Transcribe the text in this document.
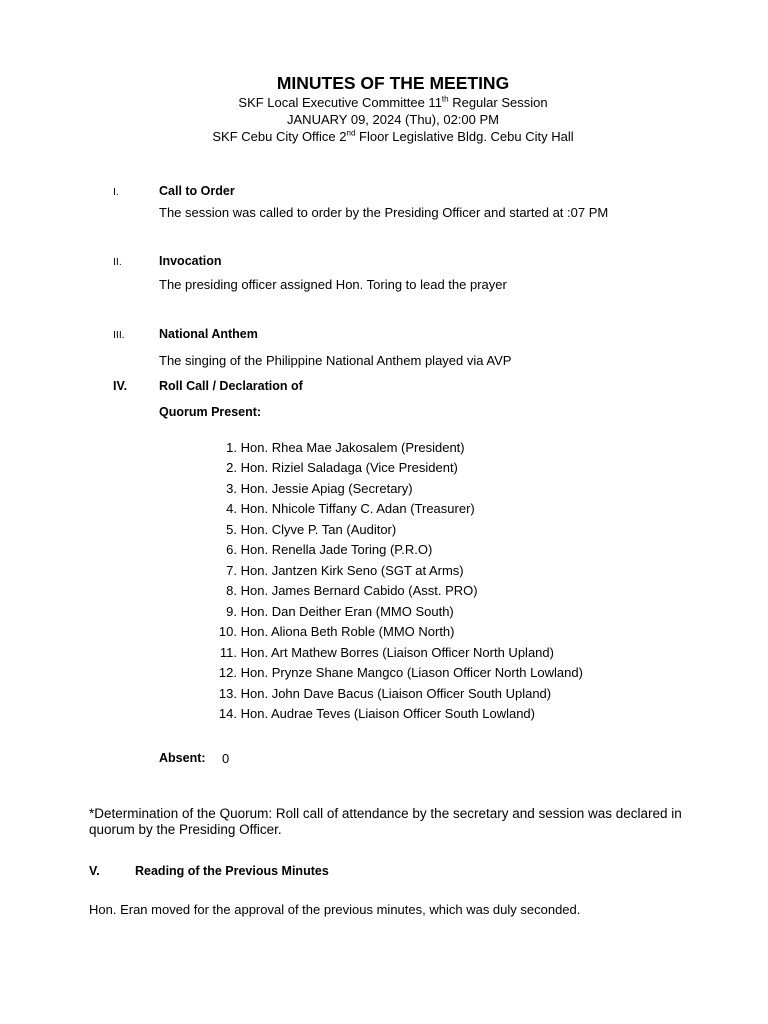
MINUTES OF THE MEETING
SKF Local Executive Committee 11th Regular Session
JANUARY 09, 2024 (Thu), 02:00 PM
SKF Cebu City Office 2nd Floor Legislative Bldg. Cebu City Hall
I.	Call to Order
The session was called to order by the Presiding Officer and started at :07 PM
II.	Invocation
The presiding officer assigned Hon. Toring to lead the prayer
III.	National Anthem
The singing of the Philippine National Anthem played via AVP
IV.	Roll Call / Declaration of
Quorum Present:
1. Hon. Rhea Mae Jakosalem (President)
2. Hon. Riziel Saladaga (Vice President)
3. Hon. Jessie Apiag (Secretary)
4. Hon. Nhicole Tiffany C. Adan (Treasurer)
5. Hon. Clyve P. Tan (Auditor)
6. Hon. Renella Jade Toring (P.R.O)
7. Hon. Jantzen Kirk Seno (SGT at Arms)
8. Hon. James Bernard Cabido (Asst. PRO)
9. Hon. Dan Deither Eran (MMO South)
10. Hon. Aliona Beth Roble (MMO North)
11. Hon. Art Mathew Borres (Liaison Officer North Upland)
12. Hon. Prynze Shane Mangco (Liason Officer North Lowland)
13. Hon. John Dave Bacus (Liaison Officer South Upland)
14. Hon. Audrae Teves (Liaison Officer South Lowland)
Absent: 0
*Determination of the Quorum: Roll call of attendance by the secretary and session was declared in quorum by the Presiding Officer.
V.	Reading of the Previous Minutes
Hon. Eran moved for the approval of the previous minutes, which was duly seconded.
